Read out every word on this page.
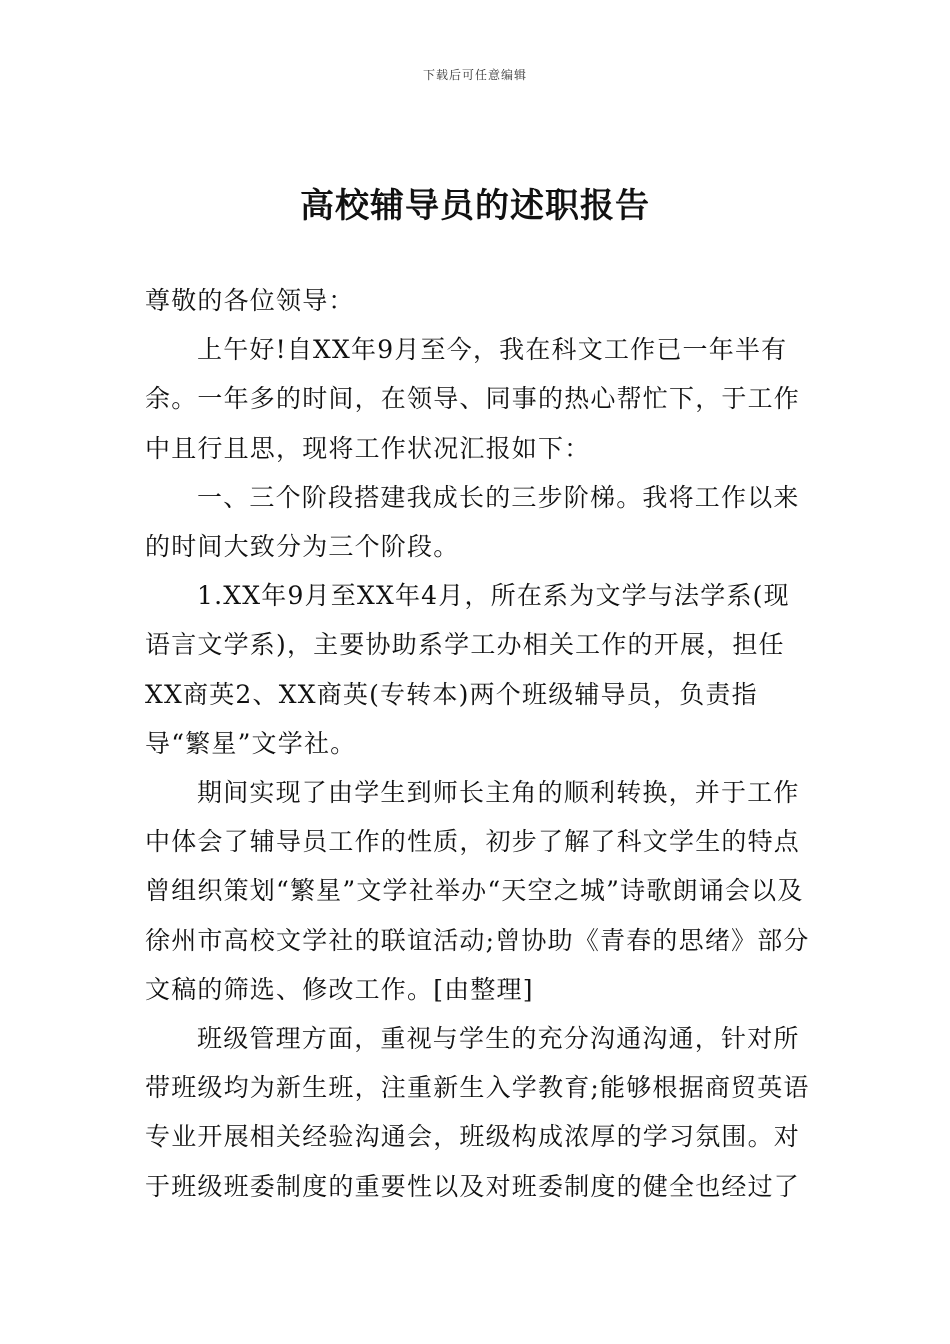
下载后可任意编辑
高校辅导员的述职报告

尊敬的各位领导：

上午好!自XX年9月至今，我在科文工作已一年半有余。一年多的时间，在领导、同事的热心帮忙下，于工作中且行且思，现将工作状况汇报如下：

一、三个阶段搭建我成长的三步阶梯。我将工作以来的时间大致分为三个阶段。

1.XX年9月至XX年4月，所在系为文学与法学系(现语言文学系)，主要协助系学工办相关工作的开展，担任XX商英2、XX商英(专转本)两个班级辅导员，负责指导“繁星”文学社。

期间实现了由学生到师长主角的顺利转换，并于工作中体会了辅导员工作的性质，初步了解了科文学生的特点曾组织策划“繁星”文学社举办“天空之城”诗歌朗诵会以及徐州市高校文学社的联谊活动;曾协助《青春的思绪》部分文稿的筛选、修改工作。[由整理]

班级管理方面，重视与学生的充分沟通沟通，针对所带班级均为新生班，注重新生入学教育;能够根据商贸英语专业开展相关经验沟通会，班级构成浓厚的学习氛围。对于班级班委制度的重要性以及对班委制度的健全也经过了
